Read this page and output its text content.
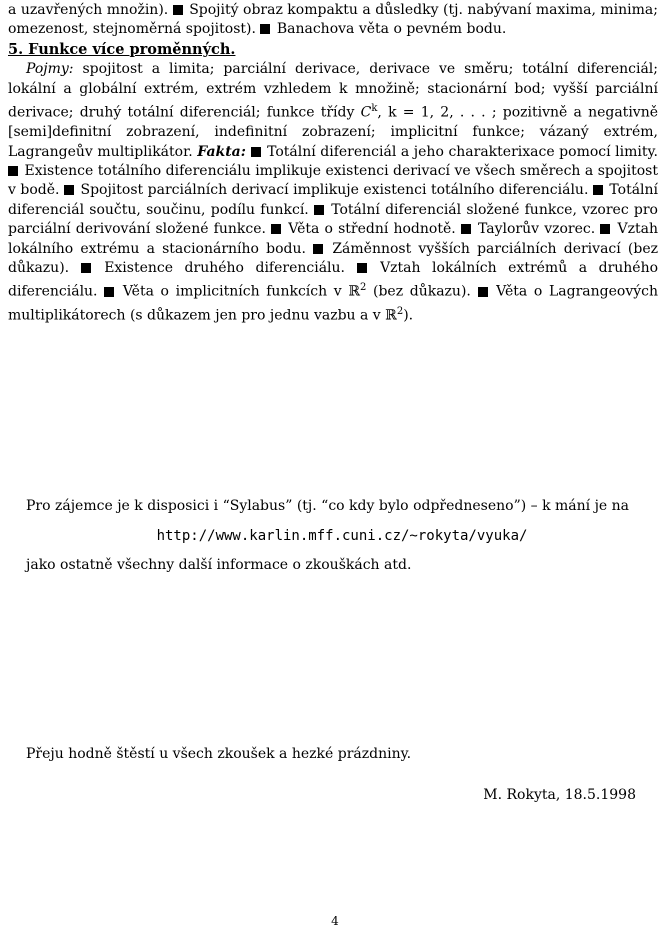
a uzavřených množin). Spojitý obraz kompaktu a důsledky (tj. nabývaní maxima, minima; omezenost, stejnoměrná spojitost). Banachova věta o pevném bodu.

5. Funkce více proměnných.

Pojmy: spojitost a limita; parciální derivace, derivace ve směru; totální diferenciál; lokální a globální extrém, extrém vzhledem k množině; stacionární bod; vyšší parciální derivace; druhý totální diferenciál; funkce třídy $C^k$, k = 1, 2, . . . ; pozitivně a negativně [semi]definitní zobrazení, indefinitní zobrazení; implicitní funkce; vázaný extrém, Lagrangeův multiplikátor. Fakta: Totální diferenciál a jeho charakterixace pomocí limity.  Existence totálního diferenciálu implikuje existenci derivací ve všech směrech a spojitost v bodě. Spojitost parciálních derivací implikuje existenci totálního diferenciálu. Totální diferenciál součtu, součinu, podílu funkcí. Totální diferenciál složené funkce, vzorec pro parciální derivování složené funkce. Věta o střední hodnotě. Taylorův vzorec. Vztah lokálního extrému a stacionárního bodu. Záměnnost vyšších parciálních derivací (bez důkazu).	Existence druhého diferenciálu.	Vztah lokálních extrémů a druhého diferenciálu. Věta o implicitních funkcích v ℝ$^2$ (bez důkazu). Věta o Lagrangeových multiplikátorech (s důkazem jen pro jednu vazbu a v ℝ$^2$).

Pro zájemce je k disposici i “Sylabus” (tj. “co kdy bylo odpředneseno”) – k mání je na

http://www.karlin.mff.cuni.cz/~rokyta/vyuka/

jako ostatně všechny další informace o zkouškách atd.

Přeju hodně štěstí u všech zkoušek a hezké prázdniny.

M. Rokyta, 18.5.1998

4
